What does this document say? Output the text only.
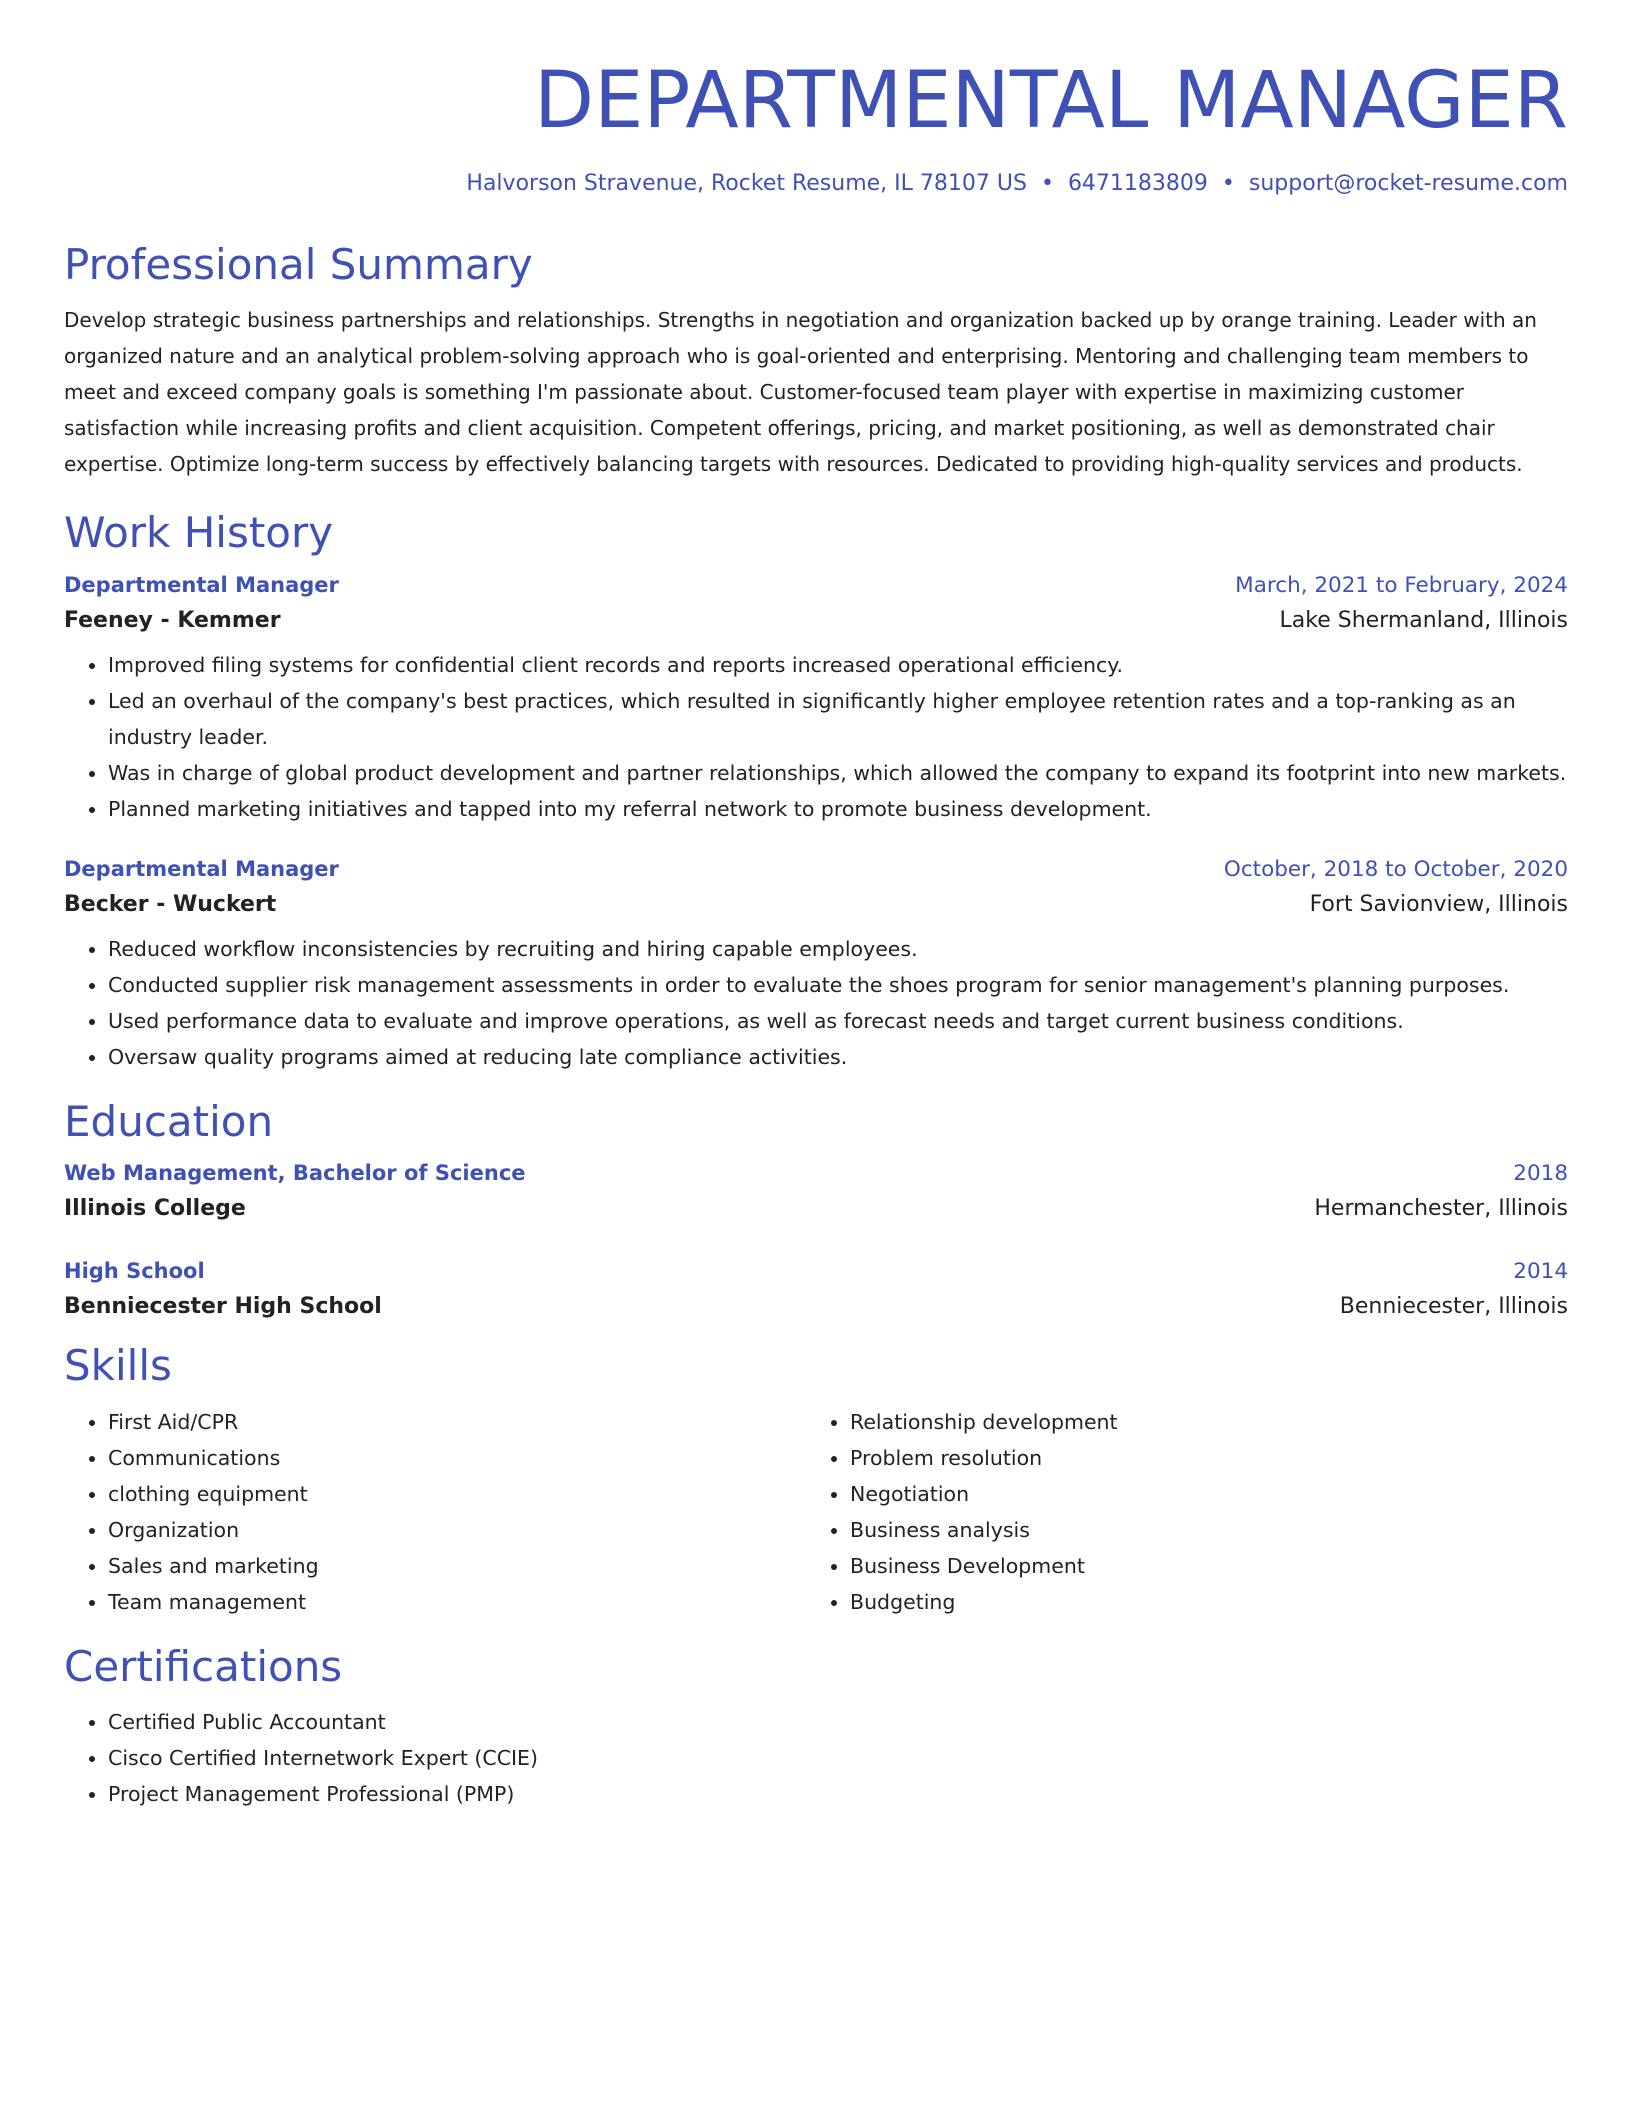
DEPARTMENTAL MANAGER
Halvorson Stravenue, Rocket Resume, IL 78107 US • 6471183809 • support@rocket-resume.com
Professional Summary
Develop strategic business partnerships and relationships. Strengths in negotiation and organization backed up by orange training. Leader with an organized nature and an analytical problem-solving approach who is goal-oriented and enterprising. Mentoring and challenging team members to meet and exceed company goals is something I'm passionate about. Customer-focused team player with expertise in maximizing customer satisfaction while increasing profits and client acquisition. Competent offerings, pricing, and market positioning, as well as demonstrated chair expertise. Optimize long-term success by effectively balancing targets with resources. Dedicated to providing high-quality services and products.
Work History
Departmental Manager	March, 2021 to February, 2024
Feeney - Kemmer	Lake Shermanland, Illinois
• Improved filing systems for confidential client records and reports increased operational efficiency.
• Led an overhaul of the company's best practices, which resulted in significantly higher employee retention rates and a top-ranking as an industry leader.
• Was in charge of global product development and partner relationships, which allowed the company to expand its footprint into new markets.
• Planned marketing initiatives and tapped into my referral network to promote business development.
Departmental Manager	October, 2018 to October, 2020
Becker - Wuckert	Fort Savionview, Illinois
• Reduced workflow inconsistencies by recruiting and hiring capable employees.
• Conducted supplier risk management assessments in order to evaluate the shoes program for senior management's planning purposes.
• Used performance data to evaluate and improve operations, as well as forecast needs and target current business conditions.
• Oversaw quality programs aimed at reducing late compliance activities.
Education
Web Management, Bachelor of Science	2018
Illinois College	Hermanchester, Illinois
High School	2014
Benniecester High School	Benniecester, Illinois
Skills
• First Aid/CPR
• Communications
• clothing equipment
• Organization
• Sales and marketing
• Team management
• Relationship development
• Problem resolution
• Negotiation
• Business analysis
• Business Development
• Budgeting
Certifications
• Certified Public Accountant
• Cisco Certified Internetwork Expert (CCIE)
• Project Management Professional (PMP)
